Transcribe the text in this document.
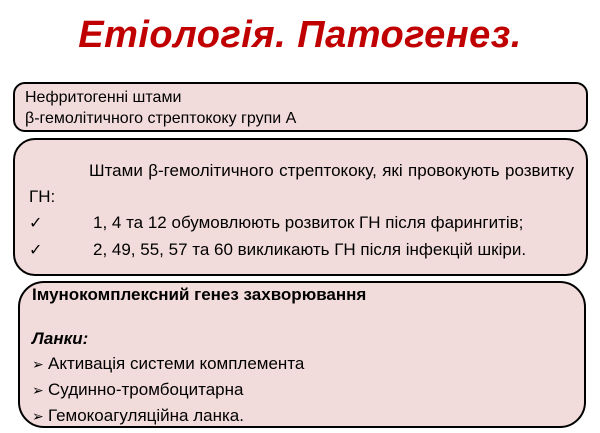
Етіологія. Патогенез.
Нефритогенні штами
β-гемолітичного стрептококу групи А

Штами β-гемолітичного стрептококу, які провокують розвитку ГН:

✓	1, 4 та 12 обумовлюють розвиток ГН після фарингитів;
✓	2, 49, 55, 57 та 60 викликають ГН після інфекцій шкіри.

Імунокомплексний генез захворювання

Ланки:

➢ Активація системи комплемента
➢ Судинно-тромбоцитарна
➢ Гемокоагуляційна ланка.
